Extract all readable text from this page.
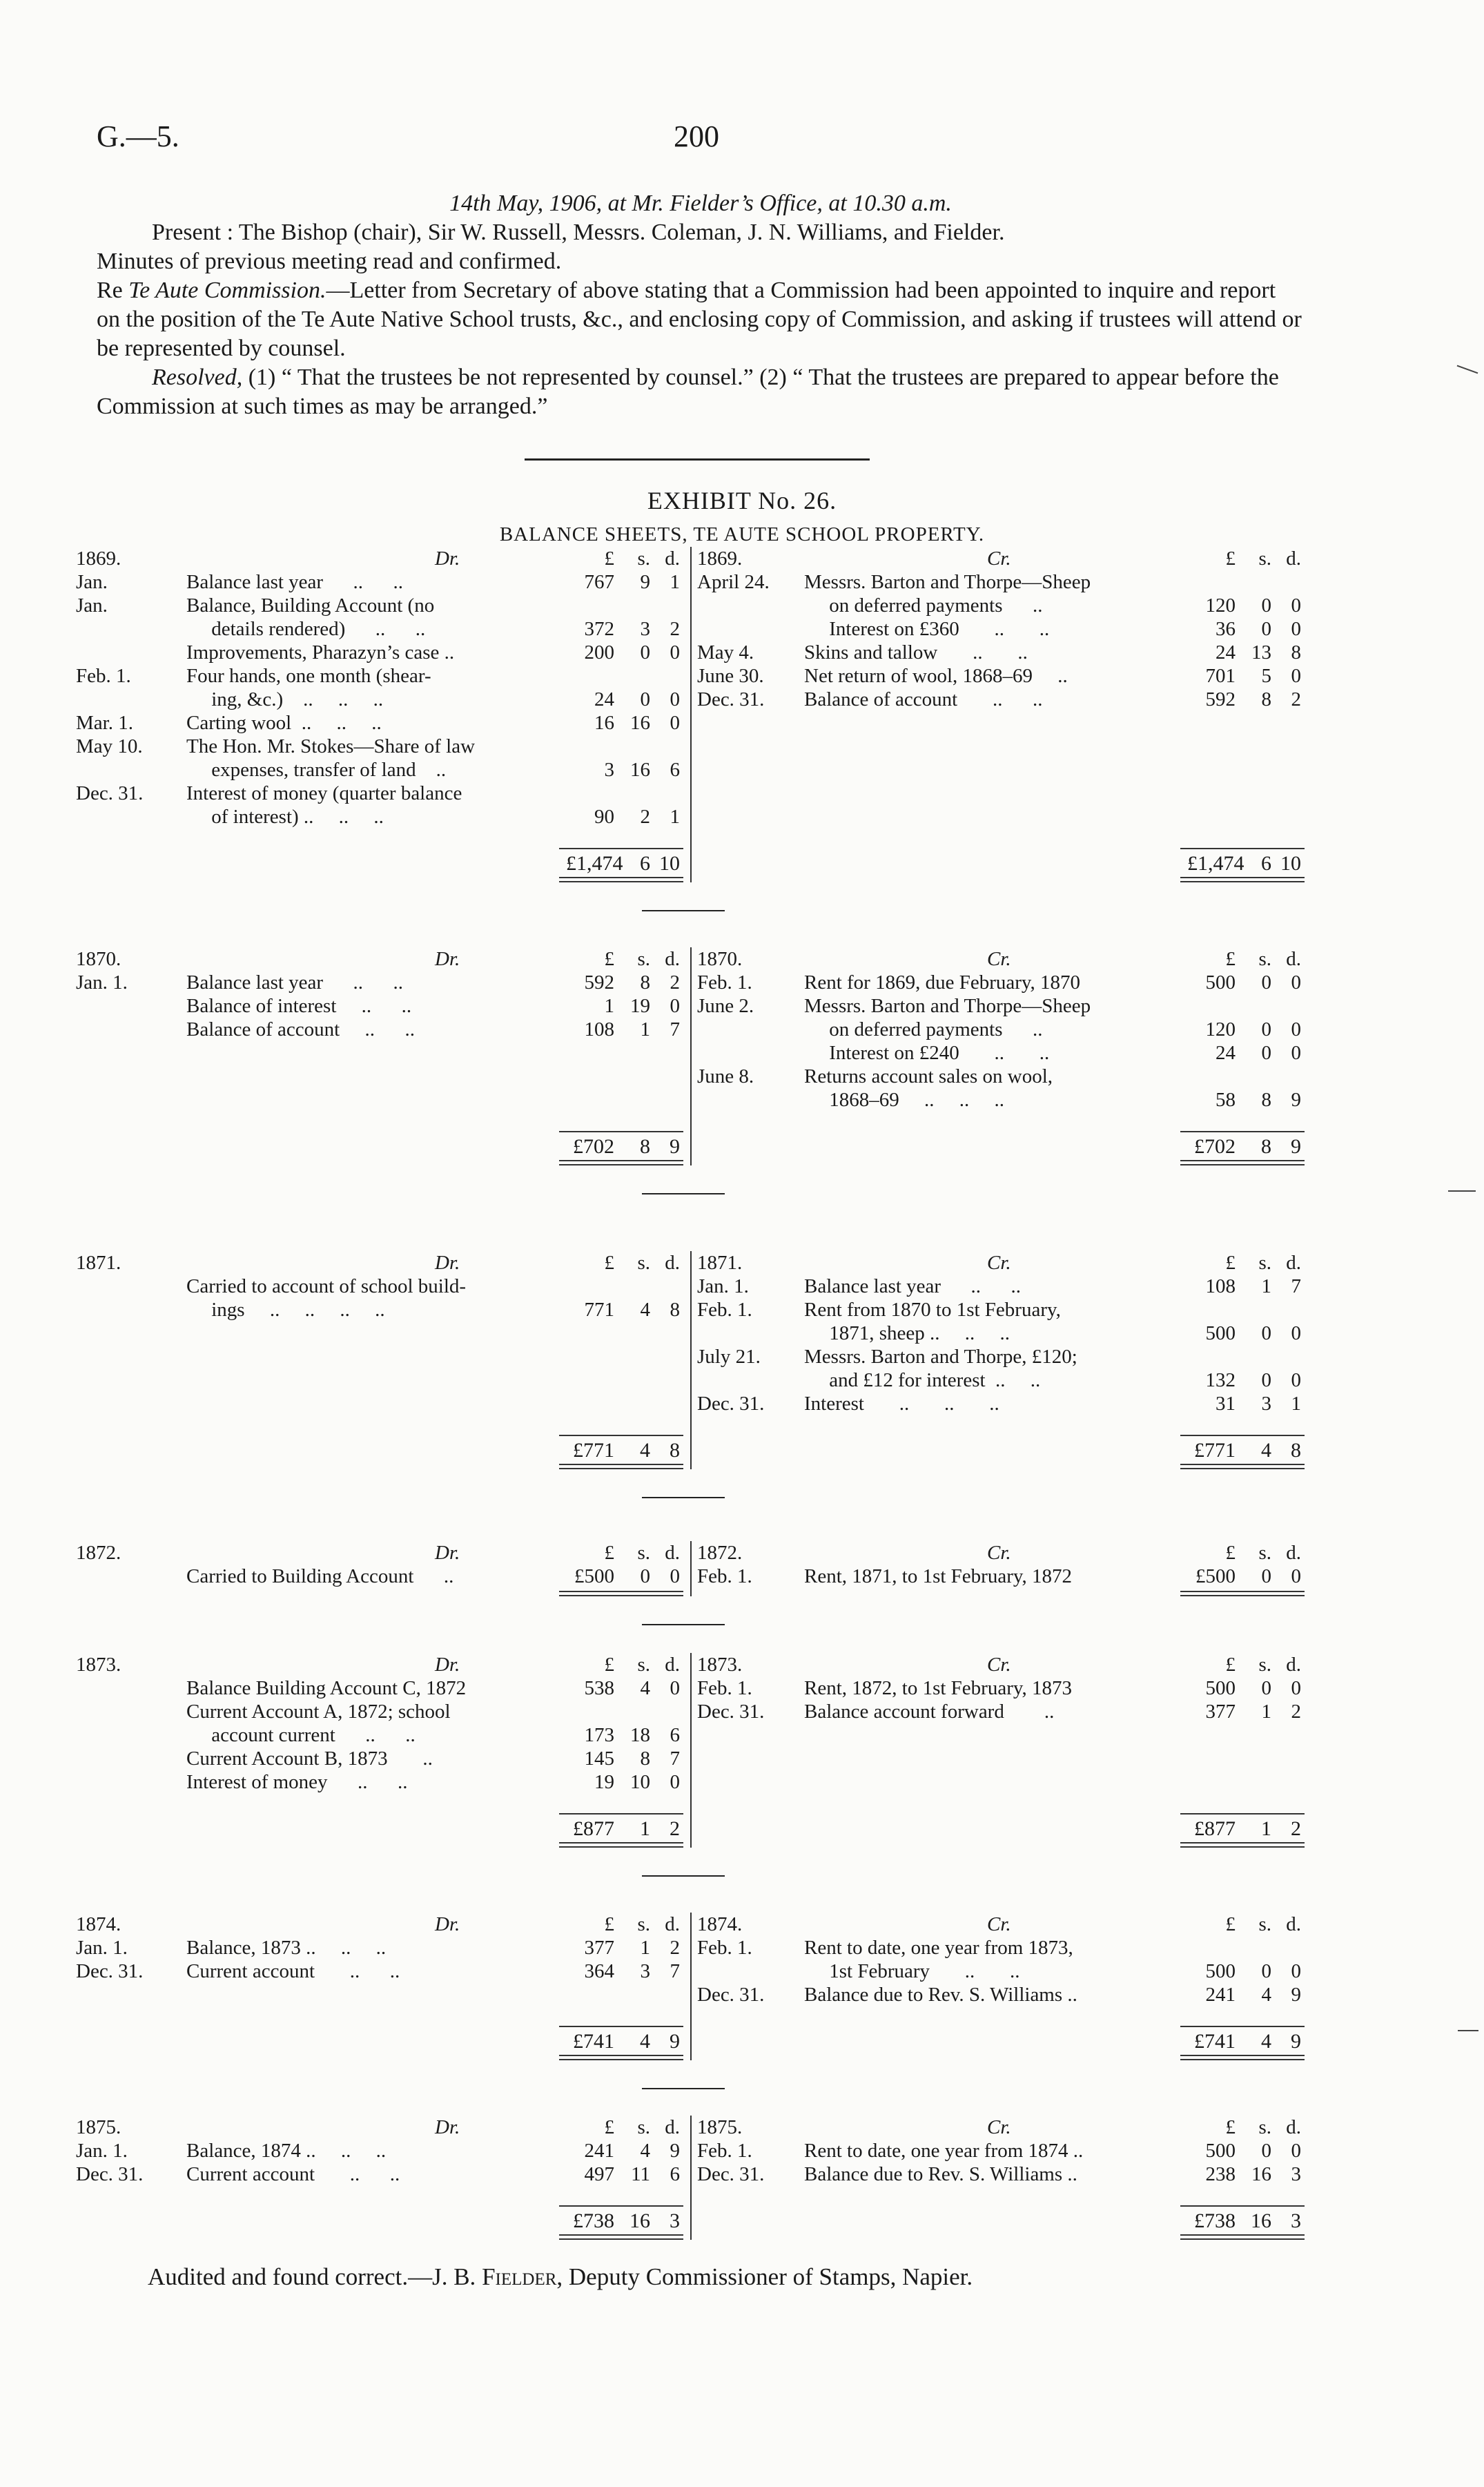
G.—5.	200

14th May, 1906, at Mr. Fielder’s Office, at 10.30 a.m.

Present : The Bishop (chair), Sir W. Russell, Messrs. Coleman, J. N. Williams, and Fielder.

Minutes of previous meeting read and confirmed.

Re Te Aute Commission.—Letter from Secretary of above stating that a Commission had been appointed to inquire and report on the position of the Te Aute Native School trusts, &c., and enclosing copy of Commission, and asking if trustees will attend or be represented by counsel.

Resolved, (1) “ That the trustees be not represented by counsel.” (2) “ That the trustees are prepared to appear before the Commission at such times as may be arranged.”

EXHIBIT No. 26.
BALANCE SHEETS, TE AUTE SCHOOL PROPERTY.
1869.	Dr.	£	s. d.
Jan.	Balance last year      ..      ..	767	9 1
Jan.	Balance, Building Account (no
details rendered)      ..      ..	372	3 2
Improvements, Pharazyn’s case ..	200	0 0
Feb. 1.	Four hands, one month (shear-
ing, &c.)    ..     ..     ..	24	0 0
Mar. 1.	Carting wool  ..     ..     ..	16 16 0
May 10.	The Hon. Mr. Stokes—Share of law
expenses, transfer of land    ..	3 16 6
Dec. 31.	Interest of money (quarter balance
of interest) ..     ..     ..	90	2 1
£1,474 6 10
1869.	Cr.	£	s. d.
April 24.	Messrs. Barton and Thorpe—Sheep
on deferred payments      ..	120	0 0
Interest on £360       ..       ..	36	0 0
May 4.	Skins and tallow       ..       ..	24 13 8
June 30.	Net return of wool, 1868–69     ..	701	5 0
Dec. 31.	Balance of account       ..      ..	592	8 2
£1,474 6 10
1870.	Dr.	£	s. d.
Jan. 1.	Balance last year      ..      ..	592	8 2
Balance of interest     ..      ..	1 19 0
Balance of account     ..      ..	108	1 7
£702	8 9
1870.	Cr.	£	s. d.
Feb. 1.	Rent for 1869, due February, 1870	500	0 0
June 2.	Messrs. Barton and Thorpe—Sheep
on deferred payments      ..	120	0 0
Interest on £240       ..       ..	24	0 0
June 8.	Returns account sales on wool,
1868–69     ..     ..     ..	58	8 9
£702	8 9
1871.	Dr.	£	s. d.
Carried to account of school build-
ings     ..     ..     ..     ..	771	4 8
£771	4 8
1871.	Cr.	£	s. d.
Jan. 1.	Balance last year      ..      ..	108	1 7
Feb. 1.	Rent from 1870 to 1st February,
1871, sheep ..     ..     ..	500	0 0
July 21.	Messrs. Barton and Thorpe, £120;
and £12 for interest  ..     ..	132	0 0
Dec. 31.	Interest       ..       ..       ..	31	3 1
£771	4 8
1872.	Dr.	£	s. d.
Carried to Building Account      ..	£500	0 0
1872.	Cr.	£	s. d.
Feb. 1.	Rent, 1871, to 1st February, 1872	£500	0 0
1873.	Dr.	£	s. d.
Balance Building Account C, 1872	538	4 0
Current Account A, 1872; school
account current      ..      ..	173 18 6
Current Account B, 1873       ..	145	8 7
Interest of money      ..      ..	19 10 0
£877	1 2
1873.	Cr.	£	s. d.
Feb. 1.	Rent, 1872, to 1st February, 1873	500	0 0
Dec. 31.	Balance account forward        ..	377	1 2
£877	1 2
1874.	Dr.	£	s. d.
Jan. 1.	Balance, 1873 ..     ..     ..	377	1 2
Dec. 31.	Current account       ..      ..	364	3 7
£741	4 9
1874.	Cr.	£	s. d.
Feb. 1.	Rent to date, one year from 1873,
1st February       ..       ..	500	0 0
Dec. 31.	Balance due to Rev. S. Williams ..	241	4 9
£741	4 9
1875.	Dr.	£	s. d.
Jan. 1.	Balance, 1874 ..     ..     ..	241	4 9
Dec. 31.	Current account       ..      ..	497 11 6
£738 16 3
1875.	Cr.	£	s. d.
Feb. 1.	Rent to date, one year from 1874 ..	500	0 0
Dec. 31.	Balance due to Rev. S. Williams ..	238 16 3
£738 16 3
Audited and found correct.—J. B. Fielder, Deputy Commissioner of Stamps, Napier.
